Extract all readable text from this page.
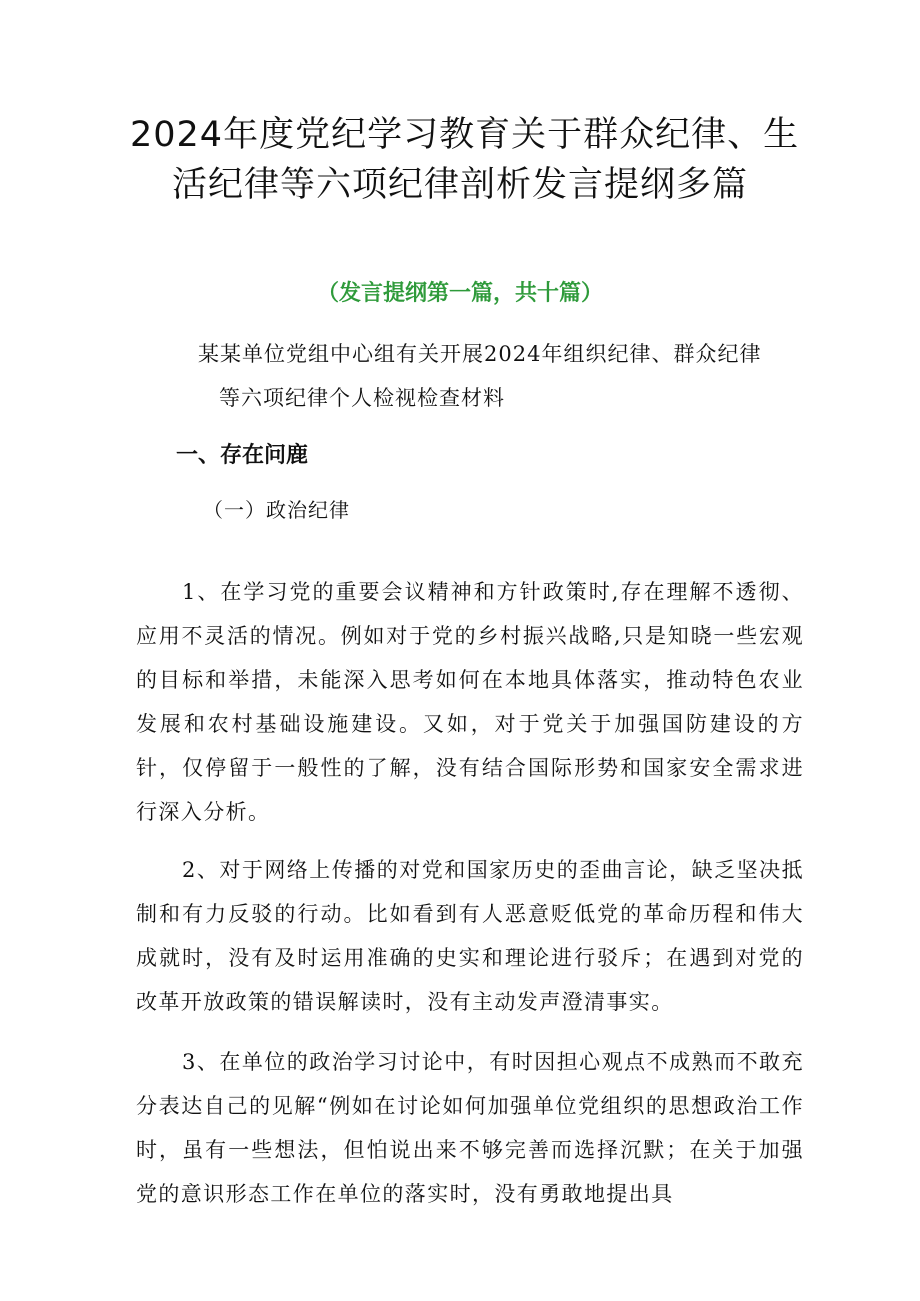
2024年度党纪学习教育关于群众纪律、生
活纪律等六项纪律剖析发言提纲多篇
（发言提纲第一篇，共十篇）
某某单位党组中心组有关开展2024年组织纪律、群众纪律
等六项纪律个人检视检查材料
一、存在问鹿
（一）政治纪律

1、在学习党的重要会议精神和方针政策时,存在理解不透彻、应用不灵活的情况。例如对于党的乡村振兴战略,只是知晓一些宏观的目标和举措，未能深入思考如何在本地具体落实，推动特色农业发展和农村基础设施建设。又如，对于党关于加强国防建设的方针，仅停留于一般性的了解，没有结合国际形势和国家安全需求进行深入分析。

2、对于网络上传播的对党和国家历史的歪曲言论，缺乏坚决抵制和有力反驳的行动。比如看到有人恶意贬低党的革命历程和伟大成就时，没有及时运用准确的史实和理论进行驳斥；在遇到对党的改革开放政策的错误解读时，没有主动发声澄清事实。

3、在单位的政治学习讨论中，有时因担心观点不成熟而不敢充分表达自己的见解“例如在讨论如何加强单位党组织的思想政治工作时，虽有一些想法，但怕说出来不够完善而选择沉默；在关于加强党的意识形态工作在单位的落实时，没有勇敢地提出具
